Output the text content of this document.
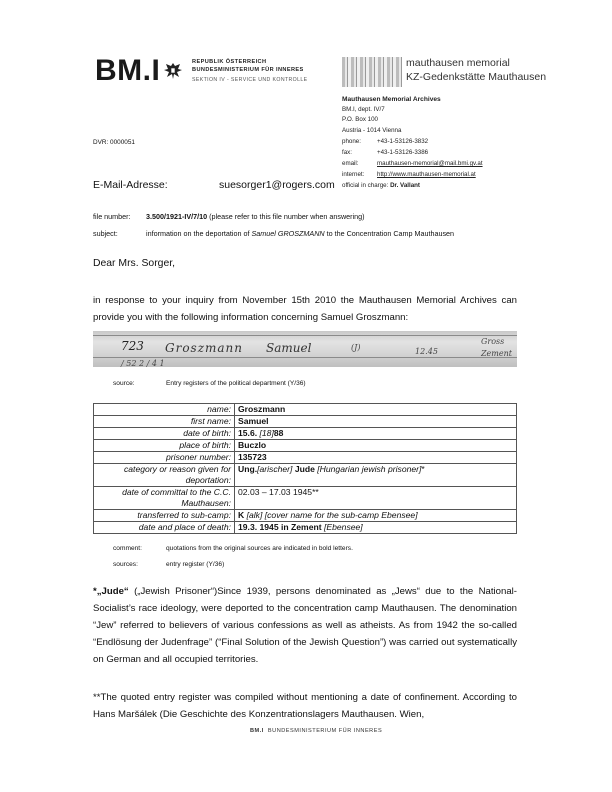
BM.I	REPUBLIK ÖSTERREICH
BUNDESMINISTERIUM FÜR INNERES
SEKTION IV - SERVICE UND KONTROLLE
mauthausen memorial
KZ-Gedenkstätte Mauthausen
Mauthausen Memorial Archives
BM.I, dept. IV/7
P.O. Box 100
Austria - 1014 Vienna
phone:	+43-1-53126-3832
fax:	+43-1-53126-3386
email:	mauthausen-memorial@mail.bmi.gv.at
internet: http://www.mauthausen-memorial.at
official in charge: Dr. Vallant
DVR: 0000051
E-Mail-Adresse:	suesorger1@rogers.com
file number: 3.500/1921-IV/7/10 (please refer to this file number when answering)
subject:	information on the deportation of Samuel GROSZMANN to the Concentration Camp Mauthausen
Dear Mrs. Sorger,
in response to your inquiry from November 15th 2010 the Mauthausen Memorial Archives can provide you with the following information concerning Samuel Groszmann:
723 Groszmann Samuel	(J)	12.45
Gross
Zement
/ 52 2 / 4 1
source:	Entry registers of the political department (Y/36)
name:	Groszmann
first name:	Samuel
date of birth:	15.6. [18]88
place of birth:	Buczlo
prisoner number:	135723
category or reason given for deportation:	Ung.[arischer] Jude [Hungarian jewish prisoner]*
date of committal to the C.C. Mauthausen:	02.03 – 17.03 1945**
transferred to sub-camp:	K [alk] [cover name for the sub-camp Ebensee]
date and place of death:	19.3. 1945 in Zement [Ebensee]
comment:	quotations from the original sources are indicated in bold letters.
sources:	entry register (Y/36)
*„Jude“ („Jewish Prisoner“)Since 1939, persons denominated as „Jews“ due to the National-Socialist’s race ideology, were deported to the concentration camp Mauthausen. The denomination “Jew” referred to believers of various confessions as well as atheists. As from 1942 the so-called “Endlösung der Judenfrage” (“Final Solution of the Jewish Question”) was carried out systematically on German and all occupied territories.
**The quoted entry register was compiled without mentioning a date of confinement. According to Hans Maršálek (Die Geschichte des Konzentrationslagers Mauthausen. Wien,
BM.I BUNDESMINISTERIUM FÜR INNERES
